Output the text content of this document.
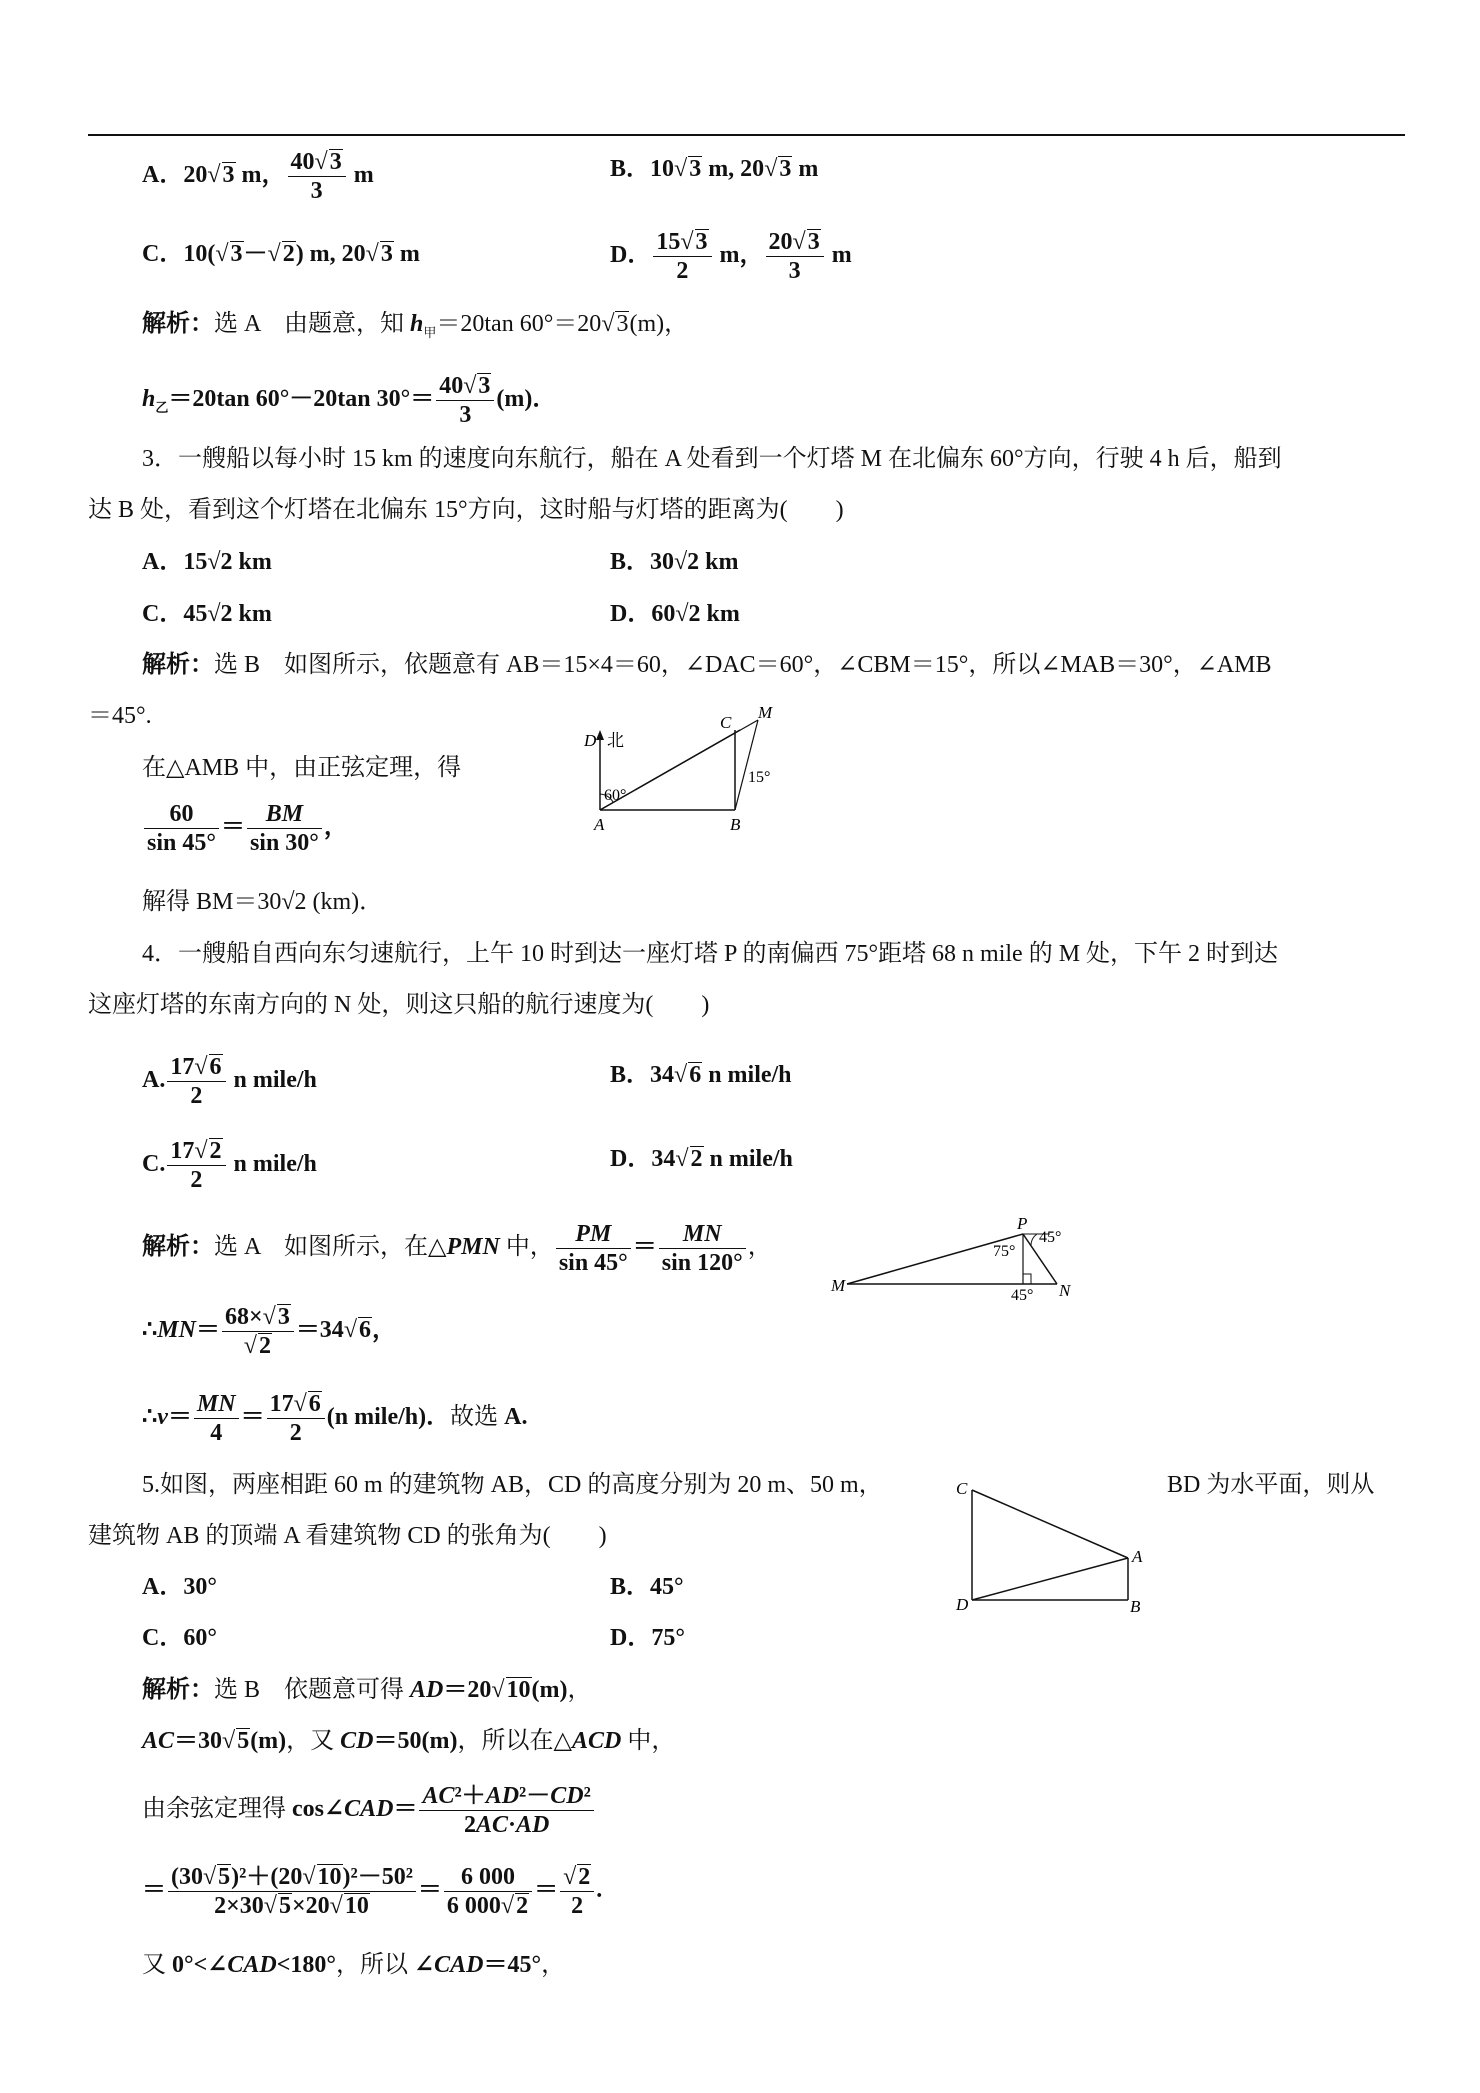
A．20√3 m， $\frac{40√3}{3}$ m	B．10√3 m, 20√3 m
C．10(√3－√2) m, 20√3 m	D． $\frac{15√3}{2}$ m， $\frac{20√3}{3}$ m
解析：选 A　由题意，知 $h_甲=20\tan$ 60°＝20√3(m)，
$h_乙=20\tan$ 60°－20tan $30^\circ= \frac{40√3}{3} (m)$．
3．一艘船以每小时 15 km 的速度向东航行，船在 A 处看到一个灯塔 M 在北偏东 60°方向，行驶 4 h 后，船到
达 B 处，看到这个灯塔在北偏东 15°方向，这时船与灯塔的距离为(　　)
A．15√2 km	B．30√2 km
C．45√2 km	D．60√2 km
解析：选 B　如图所示，依题意有 AB＝15×4＝60，∠DAC＝60°，∠CBM＝15°，所以∠MAB＝30°，∠AMB
＝45°.
在△AMB 中，由正弦定理，得
$\frac{60}{\sin 45^\circ} = \frac{BM}{\sin 30^\circ}$ ，
解得 BM＝30√2 (km)．
D 北
C
M
60°
15°
A	B
4．一艘船自西向东匀速航行，上午 10 时到达一座灯塔 P 的南偏西 75°距塔 68 n mile 的 M 处，下午 2 时到达
这座灯塔的东南方向的 N 处，则这只船的航行速度为(　　)
A. $\frac{17√6}{2}$ n mile/h	B．34√6 n mile/h
C. $\frac{17√2}{2}$ n mile/h	D．34√2 n mile/h
解析：选 A　如图所示，在△PMN 中， $\frac{PM}{\sin 45^\circ} = \frac{MN}{\sin 120^\circ}$ ，
∴MN＝ $\frac{68\times√3}{√2} =34√6$，
∴v＝ $\frac{MN}{4} = \frac{17√6}{2} (n$ mile/h)．故选 A.
P
45°
75°
M
45° N
5.如图，两座相距 60 m 的建筑物 AB，CD 的高度分别为 20 m、50 m，	BD 为水平面，则从
建筑物 AB 的顶端 A 看建筑物 CD 的张角为(　　)
A．30°	B．45°
C．60°	D．75°
C
A
D	B
解析：选 B　依题意可得 AD＝20√10(m)，
AC＝30√5(m)，又 CD＝50(m)，所以在△ACD 中，
由余弦定理得 cos∠CAD＝ $\frac{\text{AC²＋AD²－CD²}}{2AC\cdot AD}$
＝ $\frac{\text{(30√5)²＋(20√10)²－50²}}{2\times 30√5\times 20√10} = \frac{6 000}{6 000√2} = \frac{√2}{2}$ .
又 0°<∠CAD<180°，所以 ∠CAD＝45°，
